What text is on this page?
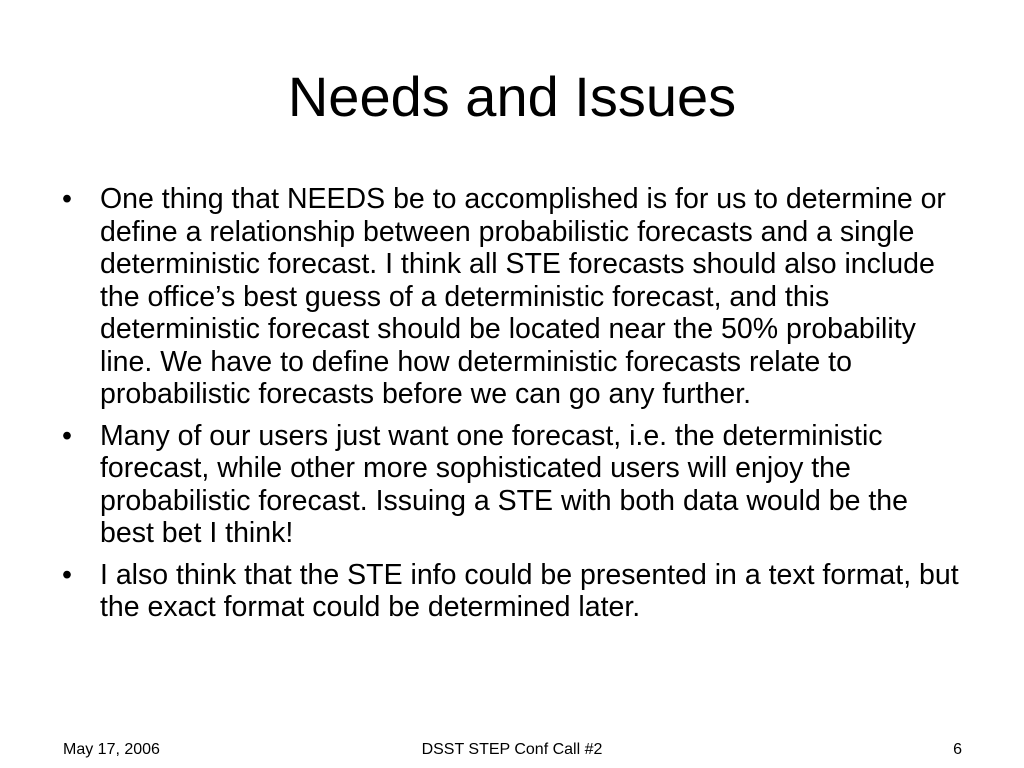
Needs and Issues
• One thing that NEEDS be to accomplished is for us to determine or define a relationship between probabilistic forecasts and a single deterministic forecast. I think all STE forecasts should also include the office’s best guess of a deterministic forecast, and this deterministic forecast should be located near the 50% probability line. We have to define how deterministic forecasts relate to probabilistic forecasts before we can go any further.
• Many of our users just want one forecast, i.e. the deterministic forecast, while other more sophisticated users will enjoy the probabilistic forecast. Issuing a STE with both data would be the best bet I think!
• I also think that the STE info could be presented in a text format, but the exact format could be determined later.
May 17, 2006	DSST STEP Conf Call #2	6
